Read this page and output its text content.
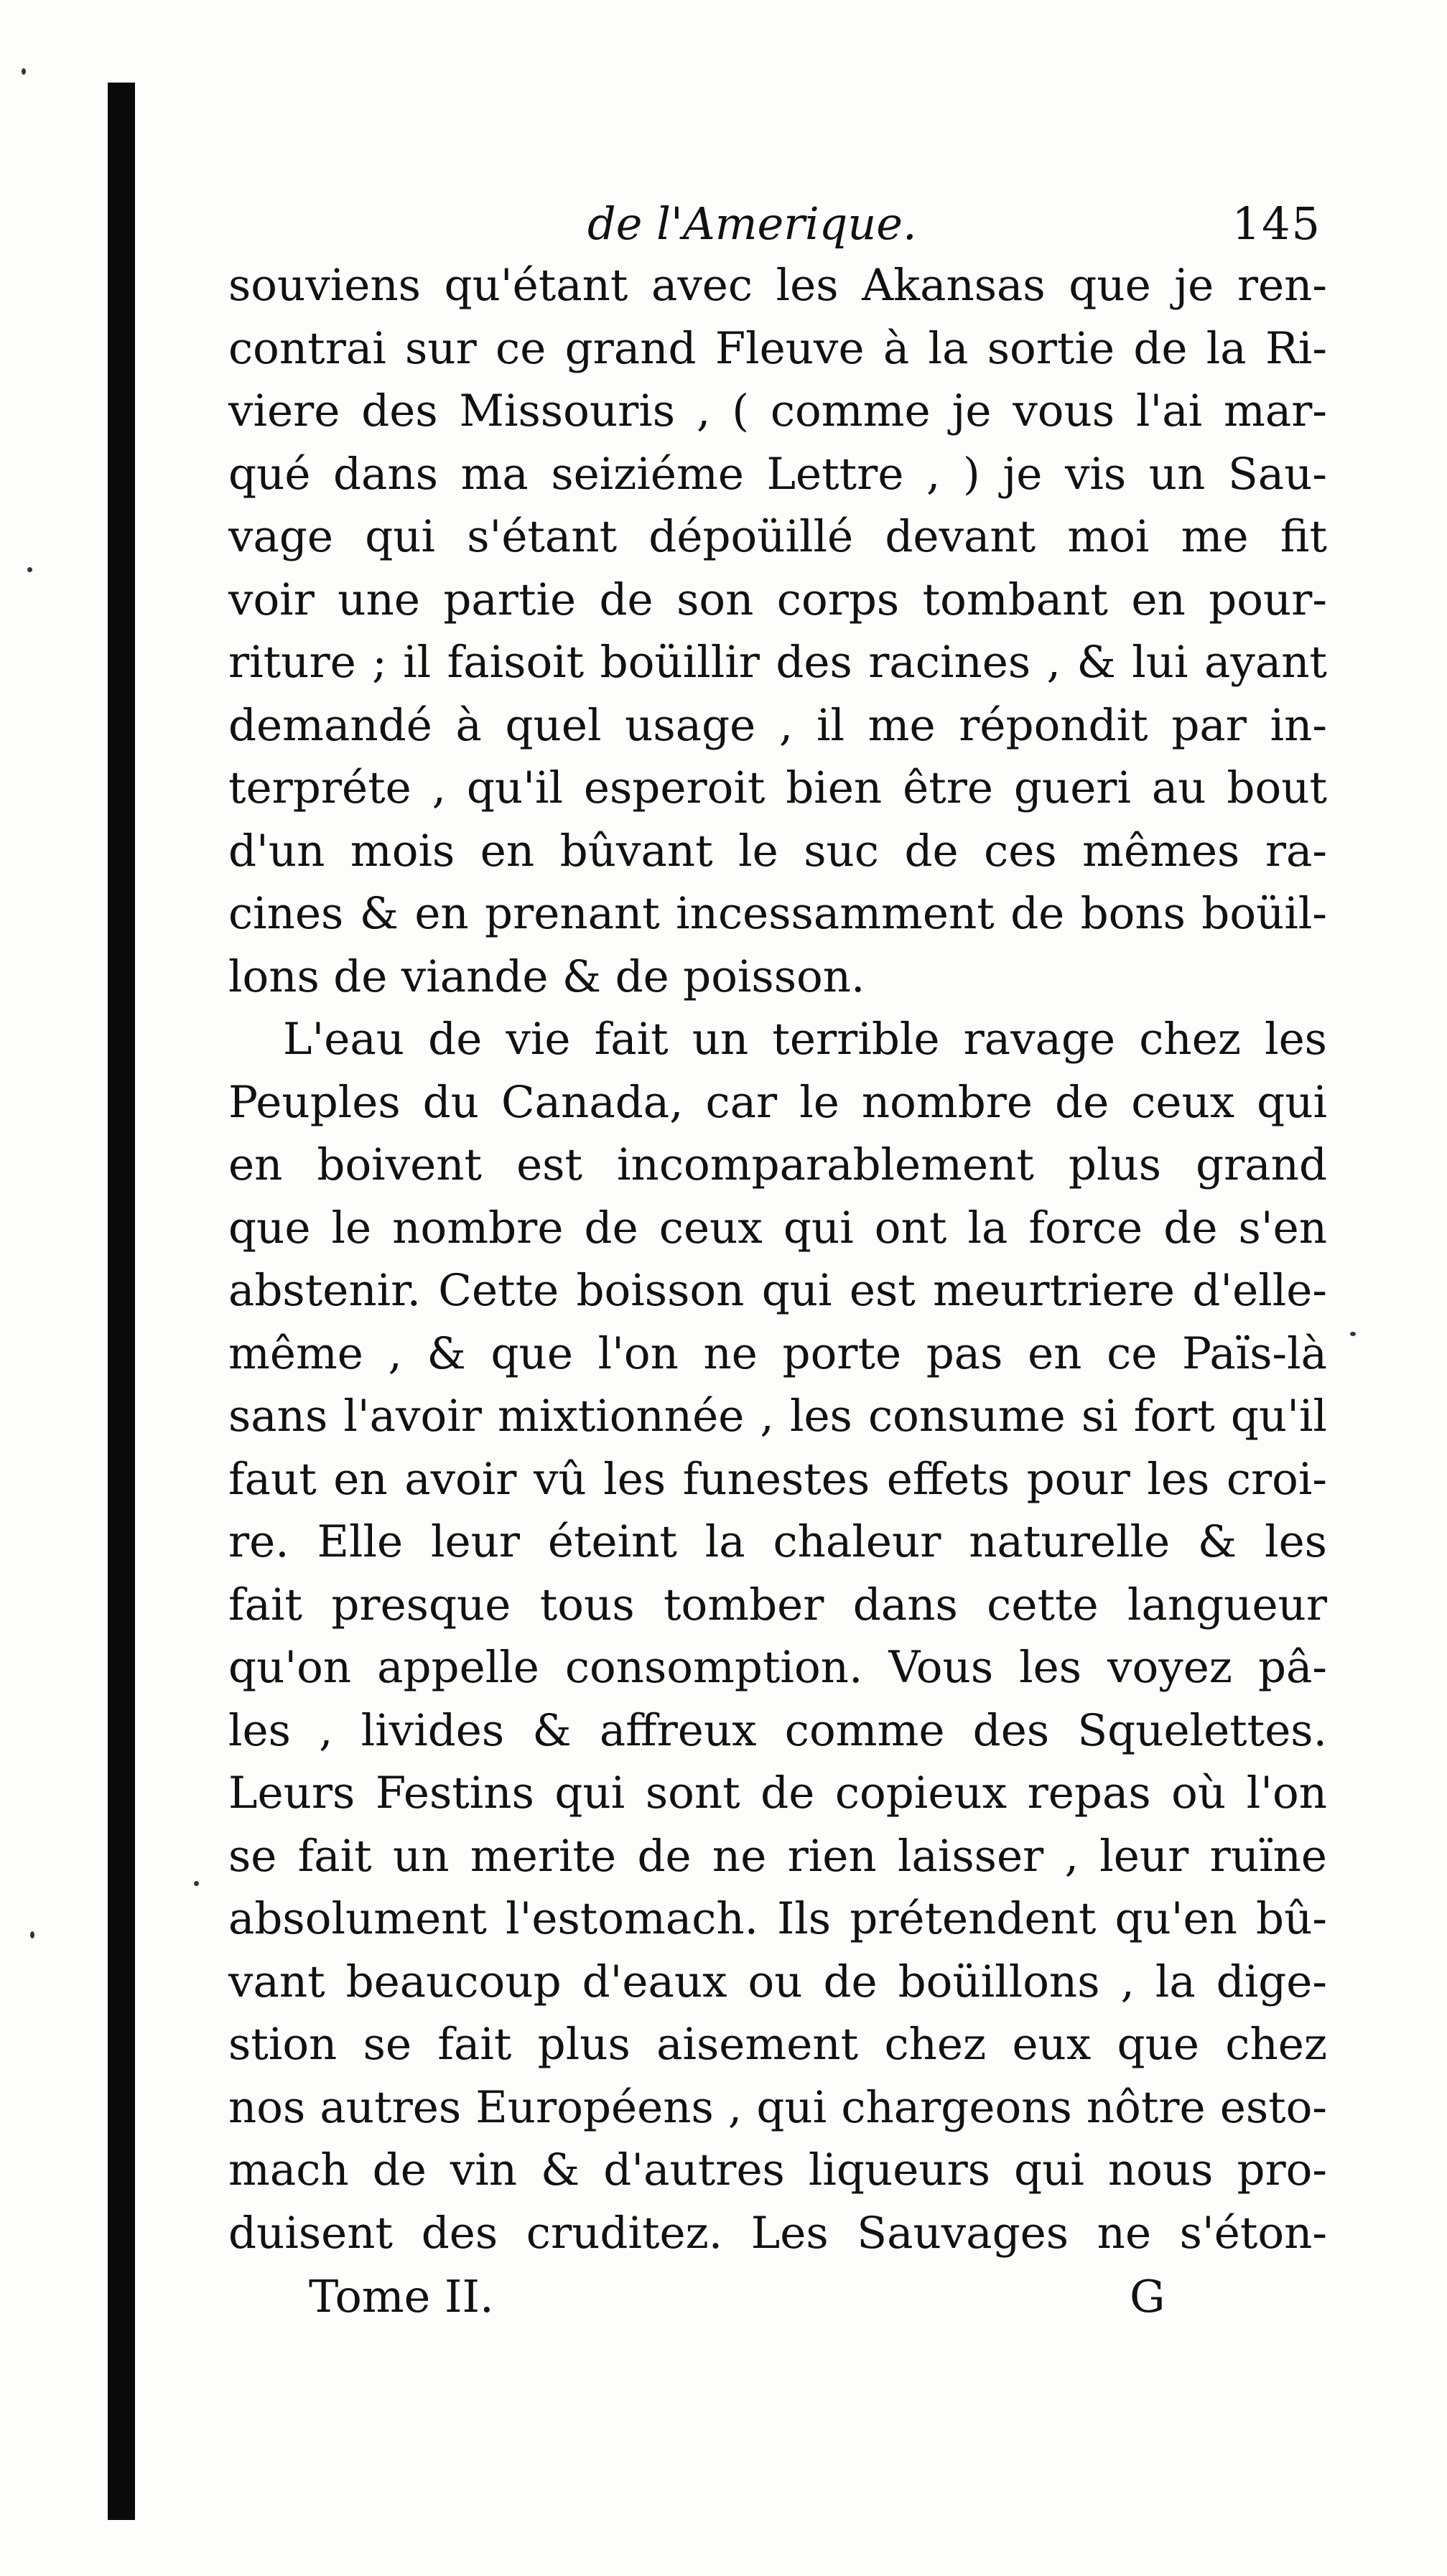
de l'Amerique.	145
souviens qu'étant avec les Akansas que je ren-
contrai sur ce grand Fleuve à la sortie de la Ri-
viere des Missouris , ( comme je vous l'ai mar-
qué dans ma seiziéme Lettre , ) je vis un Sau-
vage qui s'étant dépoüillé devant moi me fit
voir une partie de son corps tombant en pour-
riture ; il faisoit boüillir des racines , & lui ayant
demandé à quel usage , il me répondit par in-
terpréte , qu'il esperoit bien être gueri au bout
d'un mois en bûvant le suc de ces mêmes ra-
cines & en prenant incessamment de bons boüil-
lons de viande & de poisson.
L'eau de vie fait un terrible ravage chez les
Peuples du Canada, car le nombre de ceux qui
en boivent est incomparablement plus grand
que le nombre de ceux qui ont la force de s'en
abstenir. Cette boisson qui est meurtriere d'elle-
même , & que l'on ne porte pas en ce Païs-là
sans l'avoir mixtionnée , les consume si fort qu'il
faut en avoir vû les funestes effets pour les croi-
re. Elle leur éteint la chaleur naturelle & les
fait presque tous tomber dans cette langueur
qu'on appelle consomption. Vous les voyez pâ-
les , livides & affreux comme des Squelettes.
Leurs Festins qui sont de copieux repas où l'on
se fait un merite de ne rien laisser , leur ruïne
absolument l'estomach. Ils prétendent qu'en bû-
vant beaucoup d'eaux ou de boüillons , la dige-
stion se fait plus aisement chez eux que chez
nos autres Européens , qui chargeons nôtre esto-
mach de vin & d'autres liqueurs qui nous pro-
duisent des cruditez. Les Sauvages ne s'éton-
Tome II.	G
